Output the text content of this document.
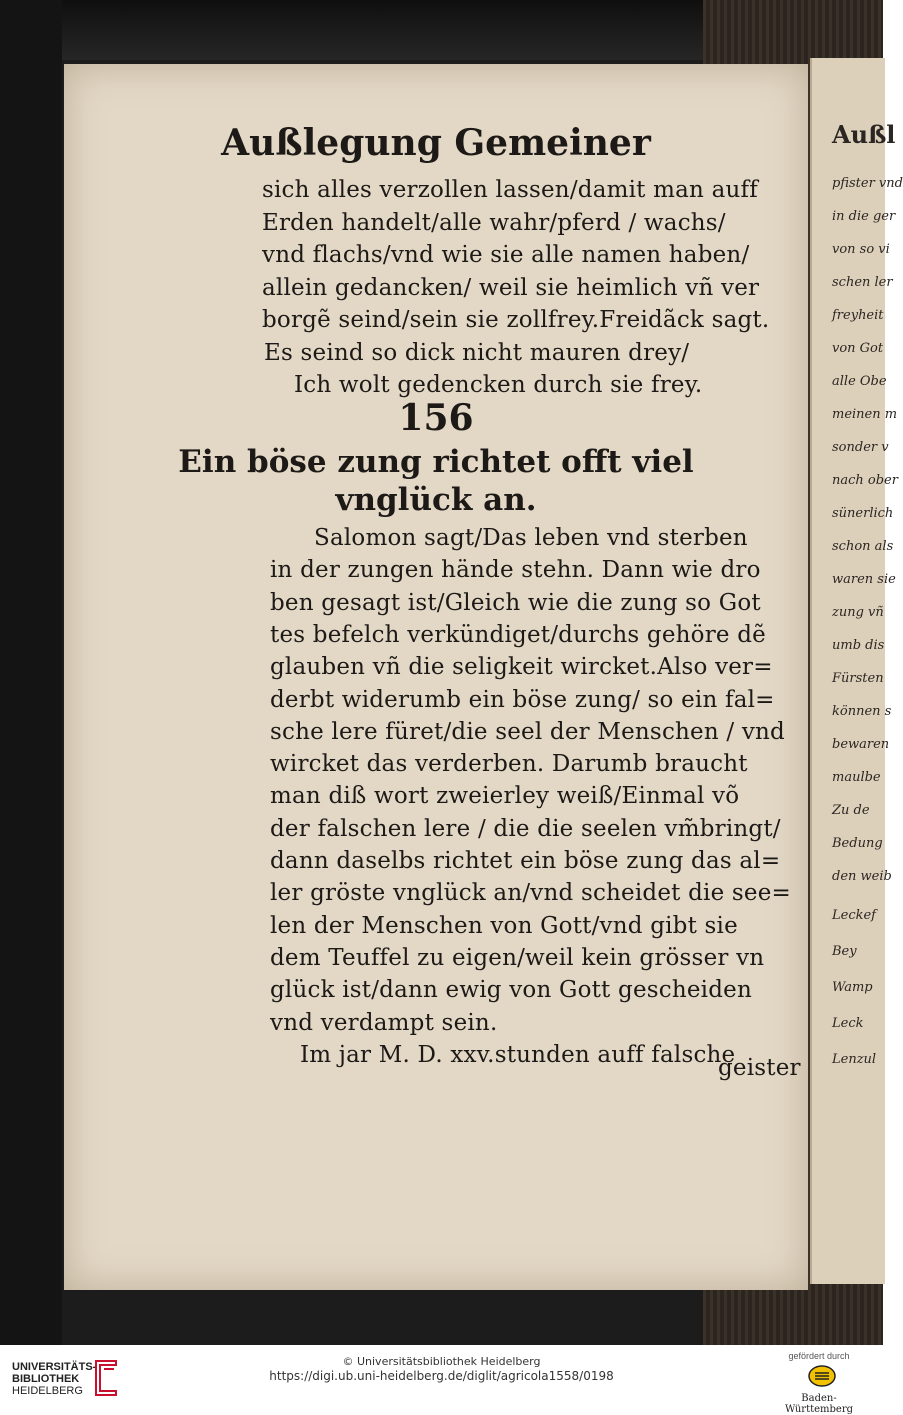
Außl
pfister vnd
in die ger
von so vi
schen ler
freyheit
von Got
alle Obe
meinen m
sonder v
nach ober
sünerlich
schon als
waren sie
zung vñ
umb dis
Fürsten
können s
bewaren
maulbe
Zu de
Bedung
den weib
Leckef
Bey
Wamp
Leck
Lenzul
Außlegung Gemeiner
sich alles verzollen lassen/damit man auff
Erden handelt/alle wahr/pferd / wachs/
vnd flachs/vnd wie sie alle namen haben/
allein gedancken/ weil sie heimlich vñ ver
borgẽ seind/sein sie zollfrey.Freidãck sagt.
Es seind so dick nicht mauren drey/
Ich wolt gedencken durch sie frey.
156
Ein böse zung richtet offt viel
vnglück an.
Salomon sagt/Das leben vnd sterben
in der zungen hände stehn. Dann wie dro
ben gesagt ist/Gleich wie die zung so Got
tes befelch verkündiget/durchs gehöre dẽ
glauben vñ die seligkeit wircket.Also ver=
derbt widerumb ein böse zung/ so ein fal=
sche lere füret/die seel der Menschen / vnd
wircket das verderben. Darumb braucht
man diß wort zweierley weiß/Einmal võ
der falschen lere / die die seelen vm̃bringt/
dann daselbs richtet ein böse zung das al=
ler gröste vnglück an/vnd scheidet die see=
len der Menschen von Gott/vnd gibt sie
dem Teuffel zu eigen/weil kein grösser vn
glück ist/dann ewig von Gott gescheiden
vnd verdampt sein.
Im jar M. D. xxv.stunden auff falsche
geister
UNIVERSITÄTS-
BIBLIOTHEK
HEIDELBERG
© Universitätsbibliothek Heidelberg
https://digi.ub.uni-heidelberg.de/diglit/agricola1558/0198
gefördert durch
Baden-Württemberg
